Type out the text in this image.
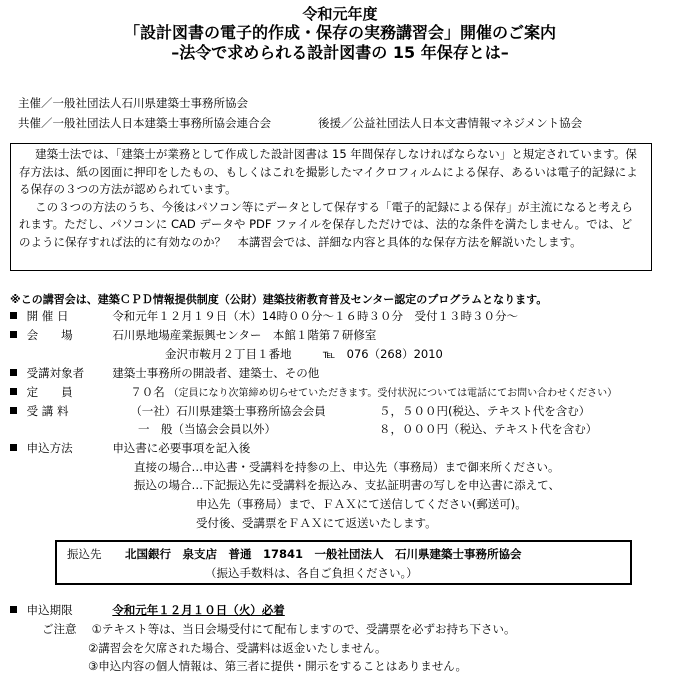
令和元年度
「設計図書の電子的作成・保存の実務講習会」開催のご案内
–法令で求められる設計図書の 15 年保存とは–
主催／一般社団法人石川県建築士事務所協会
共催／一般社団法人日本建築士事務所協会連合会	後援／公益社団法人日本文書情報マネジメント協会

建築士法では、「建築士が業務として作成した設計図書は 15 年間保存しなければならない」と規定されています。保存方法は、紙の図面に押印をしたもの、もしくはこれを撮影したマイクロフィルムによる保存、あるいは電子的記録による保存の３つの方法が認められています。

この３つの方法のうち、今後はパソコン等にデータとして保存する「電子的記録による保存」が主流になると考えられます。ただし、パソコンに CAD データや PDF ファイルを保存しただけでは、法的な条件を満たしません。では、どのように保存すれば法的に有効なのか？　本講習会では、詳細な内容と具体的な保存方法を解説いたします。

※この講習会は、建築ＣＰＤ情報提供制度（公財）建築技術教育普及センター認定のプログラムとなります。
開 催 日	令和元年１２月１９日（木）14時００分～１６時３０分　受付１３時３０分～
会　　場	石川県地場産業振興センター　本館１階第７研修室
金沢市鞍月２丁目１番地	℡　076（268）2010
受講対象者 建築士事務所の開設者、建築士、その他
定　　員	７０名 （定員になり次第締め切らせていただきます。受付状況については電話にてお問い合わせください）
受 講 料	（一社）石川県建築士事務所協会会員	５，５００円(税込、テキスト代を含む）
一　般（当協会会員以外）	８，０００円（税込、テキスト代を含む）
申込方法	申込書に必要事項を記入後
直接の場合…申込書・受講料を持参の上、申込先（事務局）まで御来所ください。
振込の場合…下記振込先に受講料を振込み、支払証明書の写しを申込書に添えて、
申込先（事務局）まで、ＦＡＸにて送信してください(郵送可)。
受付後、受講票をＦＡＸにて返送いたします。
振込先 北国銀行　泉支店　普通　17841　一般社団法人　石川県建築士事務所協会
（振込手数料は、各自ご負担ください。）
申込期限	令和元年１２月１０日（火）必着
ご注意 ①テキスト等は、当日会場受付にて配布しますので、受講票を必ずお持ち下さい。
②講習会を欠席された場合、受講料は返金いたしません。
③申込内容の個人情報は、第三者に提供・開示をすることはありません。
